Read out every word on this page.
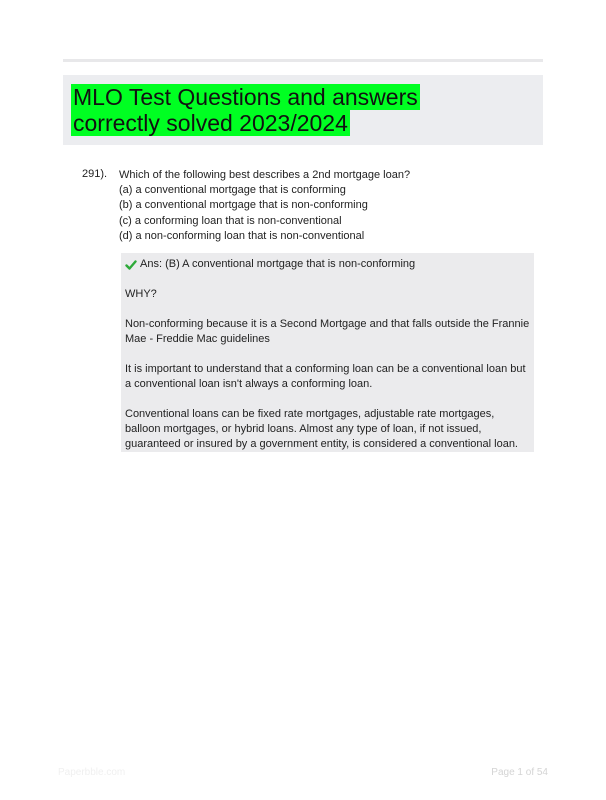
MLO Test Questions and answers correctly solved 2023/2024
291). Which of the following best describes a 2nd mortgage loan?
(a) a conventional mortgage that is conforming
(b) a conventional mortgage that is non-conforming
(c) a conforming loan that is non-conventional
(d) a non-conforming loan that is non-conventional
Ans: (B) A conventional mortgage that is non-conforming
WHY?
Non-conforming because it is a Second Mortgage and that falls outside the Frannie Mae - Freddie Mac guidelines
It is important to understand that a conforming loan can be a conventional loan but a conventional loan isn't always a conforming loan.
Conventional loans can be fixed rate mortgages, adjustable rate mortgages, balloon mortgages, or hybrid loans. Almost any type of loan, if not issued, guaranteed or insured by a government entity, is considered a conventional loan.
Paperbble.com	Page 1 of 54
